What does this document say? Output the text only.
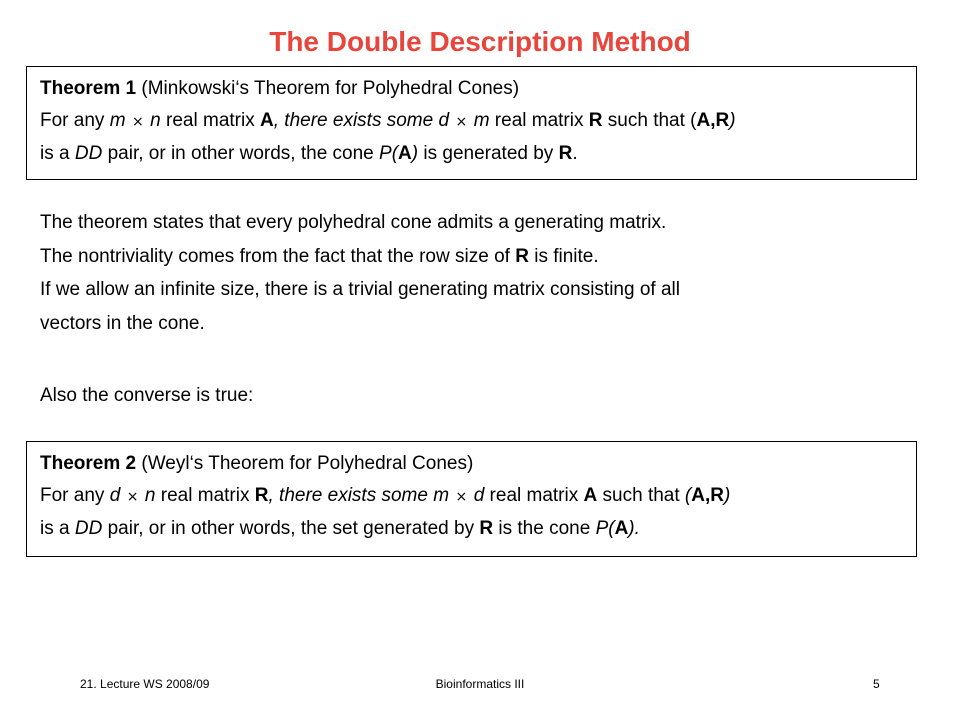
The Double Description Method

Theorem 1 (Minkowski‘s Theorem for Polyhedral Cones)

For any m × n real matrix A, there exists some d × m real matrix R such that (A,R)

is a DD pair, or in other words, the cone P(A) is generated by R.

The theorem states that every polyhedral cone admits a generating matrix.

The nontriviality comes from the fact that the row size of R is finite.

If we allow an infinite size, there is a trivial generating matrix consisting of all

vectors in the cone.

Also the converse is true:

Theorem 2 (Weyl‘s Theorem for Polyhedral Cones)

For any d × n real matrix R, there exists some m × d real matrix A such that (A,R)

is a DD pair, or in other words, the set generated by R is the cone P(A).

21. Lecture WS 2008/09	Bioinformatics III	5
